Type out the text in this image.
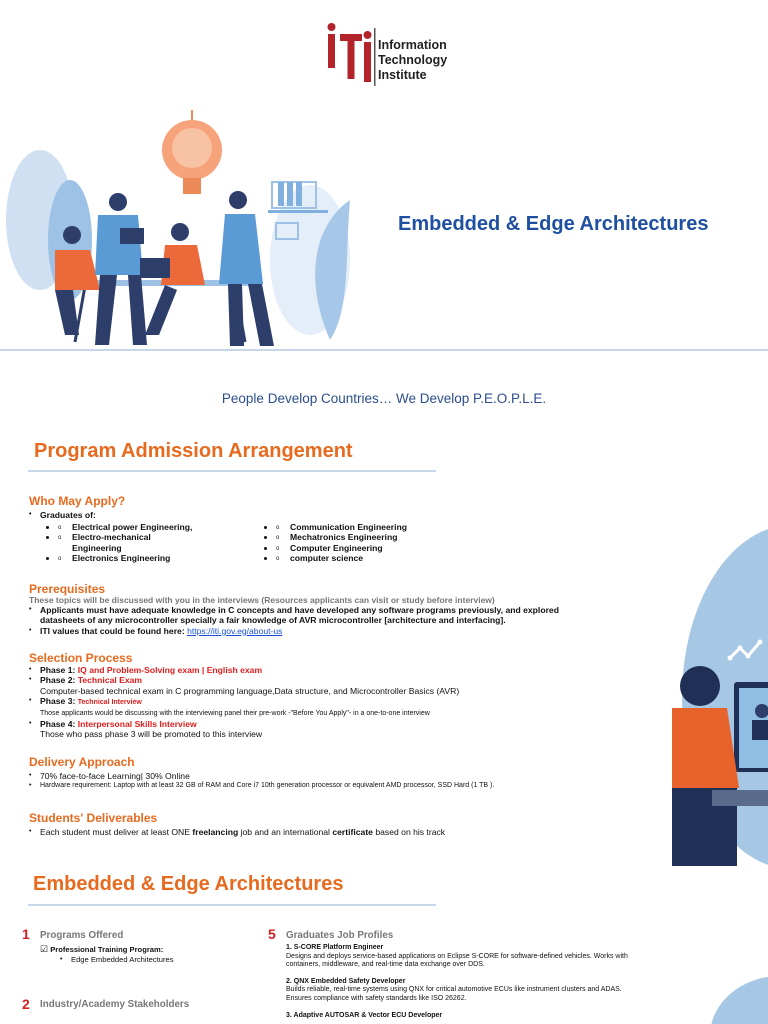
Information
Technology
Institute
Embedded & Edge Architectures
People Develop Countries… We Develop P.E.O.P.L.E.
Program Admission Arrangement
Who May Apply?
• Graduates of:
o • Electrical power Engineering,
o • Electro-mechanical Engineering
o • Electronics Engineering
o • Communication Engineering
o • Mechatronics Engineering
o • Computer Engineering
o • computer science
Prerequisites
These topics will be discussed with you in the interviews (Resources applicants can visit or study before interview)
• Applicants must have adequate knowledge in C concepts and have developed any software programs previously, and explored datasheets of any microcontroller specially a fair knowledge of AVR microcontroller [architecture and interfacing].
• ITI values that could be found here: https://iti.gov.eg/about-us
Selection Process
• Phase 1: IQ and Problem-Solving exam | English exam
• Phase 2: Technical Exam
Computer-based technical exam in C programming language,Data structure, and Microcontroller Basics (AVR)
• Phase 3: Technical Interview
Those applicants would be discussing with the interviewing panel their pre-work -"Before You Apply"- in a one-to-one interview
• Phase 4: Interpersonal Skills Interview
Those who pass phase 3 will be promoted to this interview
Delivery Approach
• 70% face-to-face Learning| 30% Online
• Hardware requirement: Laptop with at least 32 GB of RAM and Core i7 10th generation processor or equivalent AMD processor, SSD Hard (1 TB ).
Students' Deliverables
• Each student must deliver at least ONE freelancing job and an international certificate based on his track
Embedded & Edge Architectures
1 Programs Offered
☑ Professional Training Program:
• Edge Embedded Architectures
2 Industry/Academy Stakeholders
5 Graduates Job Profiles
1. S-CORE Platform Engineer
Designs and deploys service-based applications on Eclipse S-CORE for software-defined vehicles. Works with containers, middleware, and real-time data exchange over DDS.
2. QNX Embedded Safety Developer
Builds reliable, real-time systems using QNX for critical automotive ECUs like instrument clusters and ADAS. Ensures compliance with safety standards like ISO 26262.
3. Adaptive AUTOSAR & Vector ECU Developer
